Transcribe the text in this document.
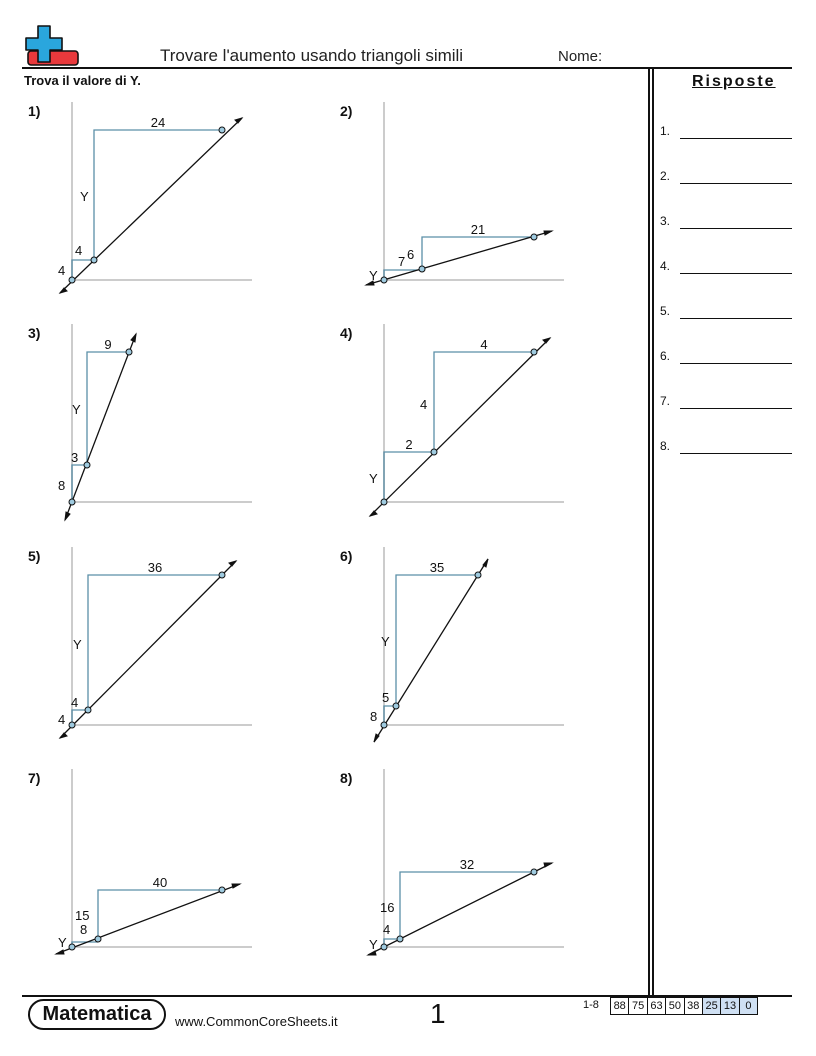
Trovare l'aumento usando triangoli simili	Nome:
Trova il valore di Y.	Risposte
1.
2.
3.
4.
5.
6.
7.
8.
24
Y
4
4
1)
21
6
7
Y
2)
9
Y
3
8
3)
4
4
2
Y
4)
36
Y
4
4
5)
35
Y
5
8
6)
40
15
8
Y
7)
32
16
4
Y
8)
Matematica	www.CommonCoreSheets.it	1	1-8 88	75	63	50	38	25	13	0
